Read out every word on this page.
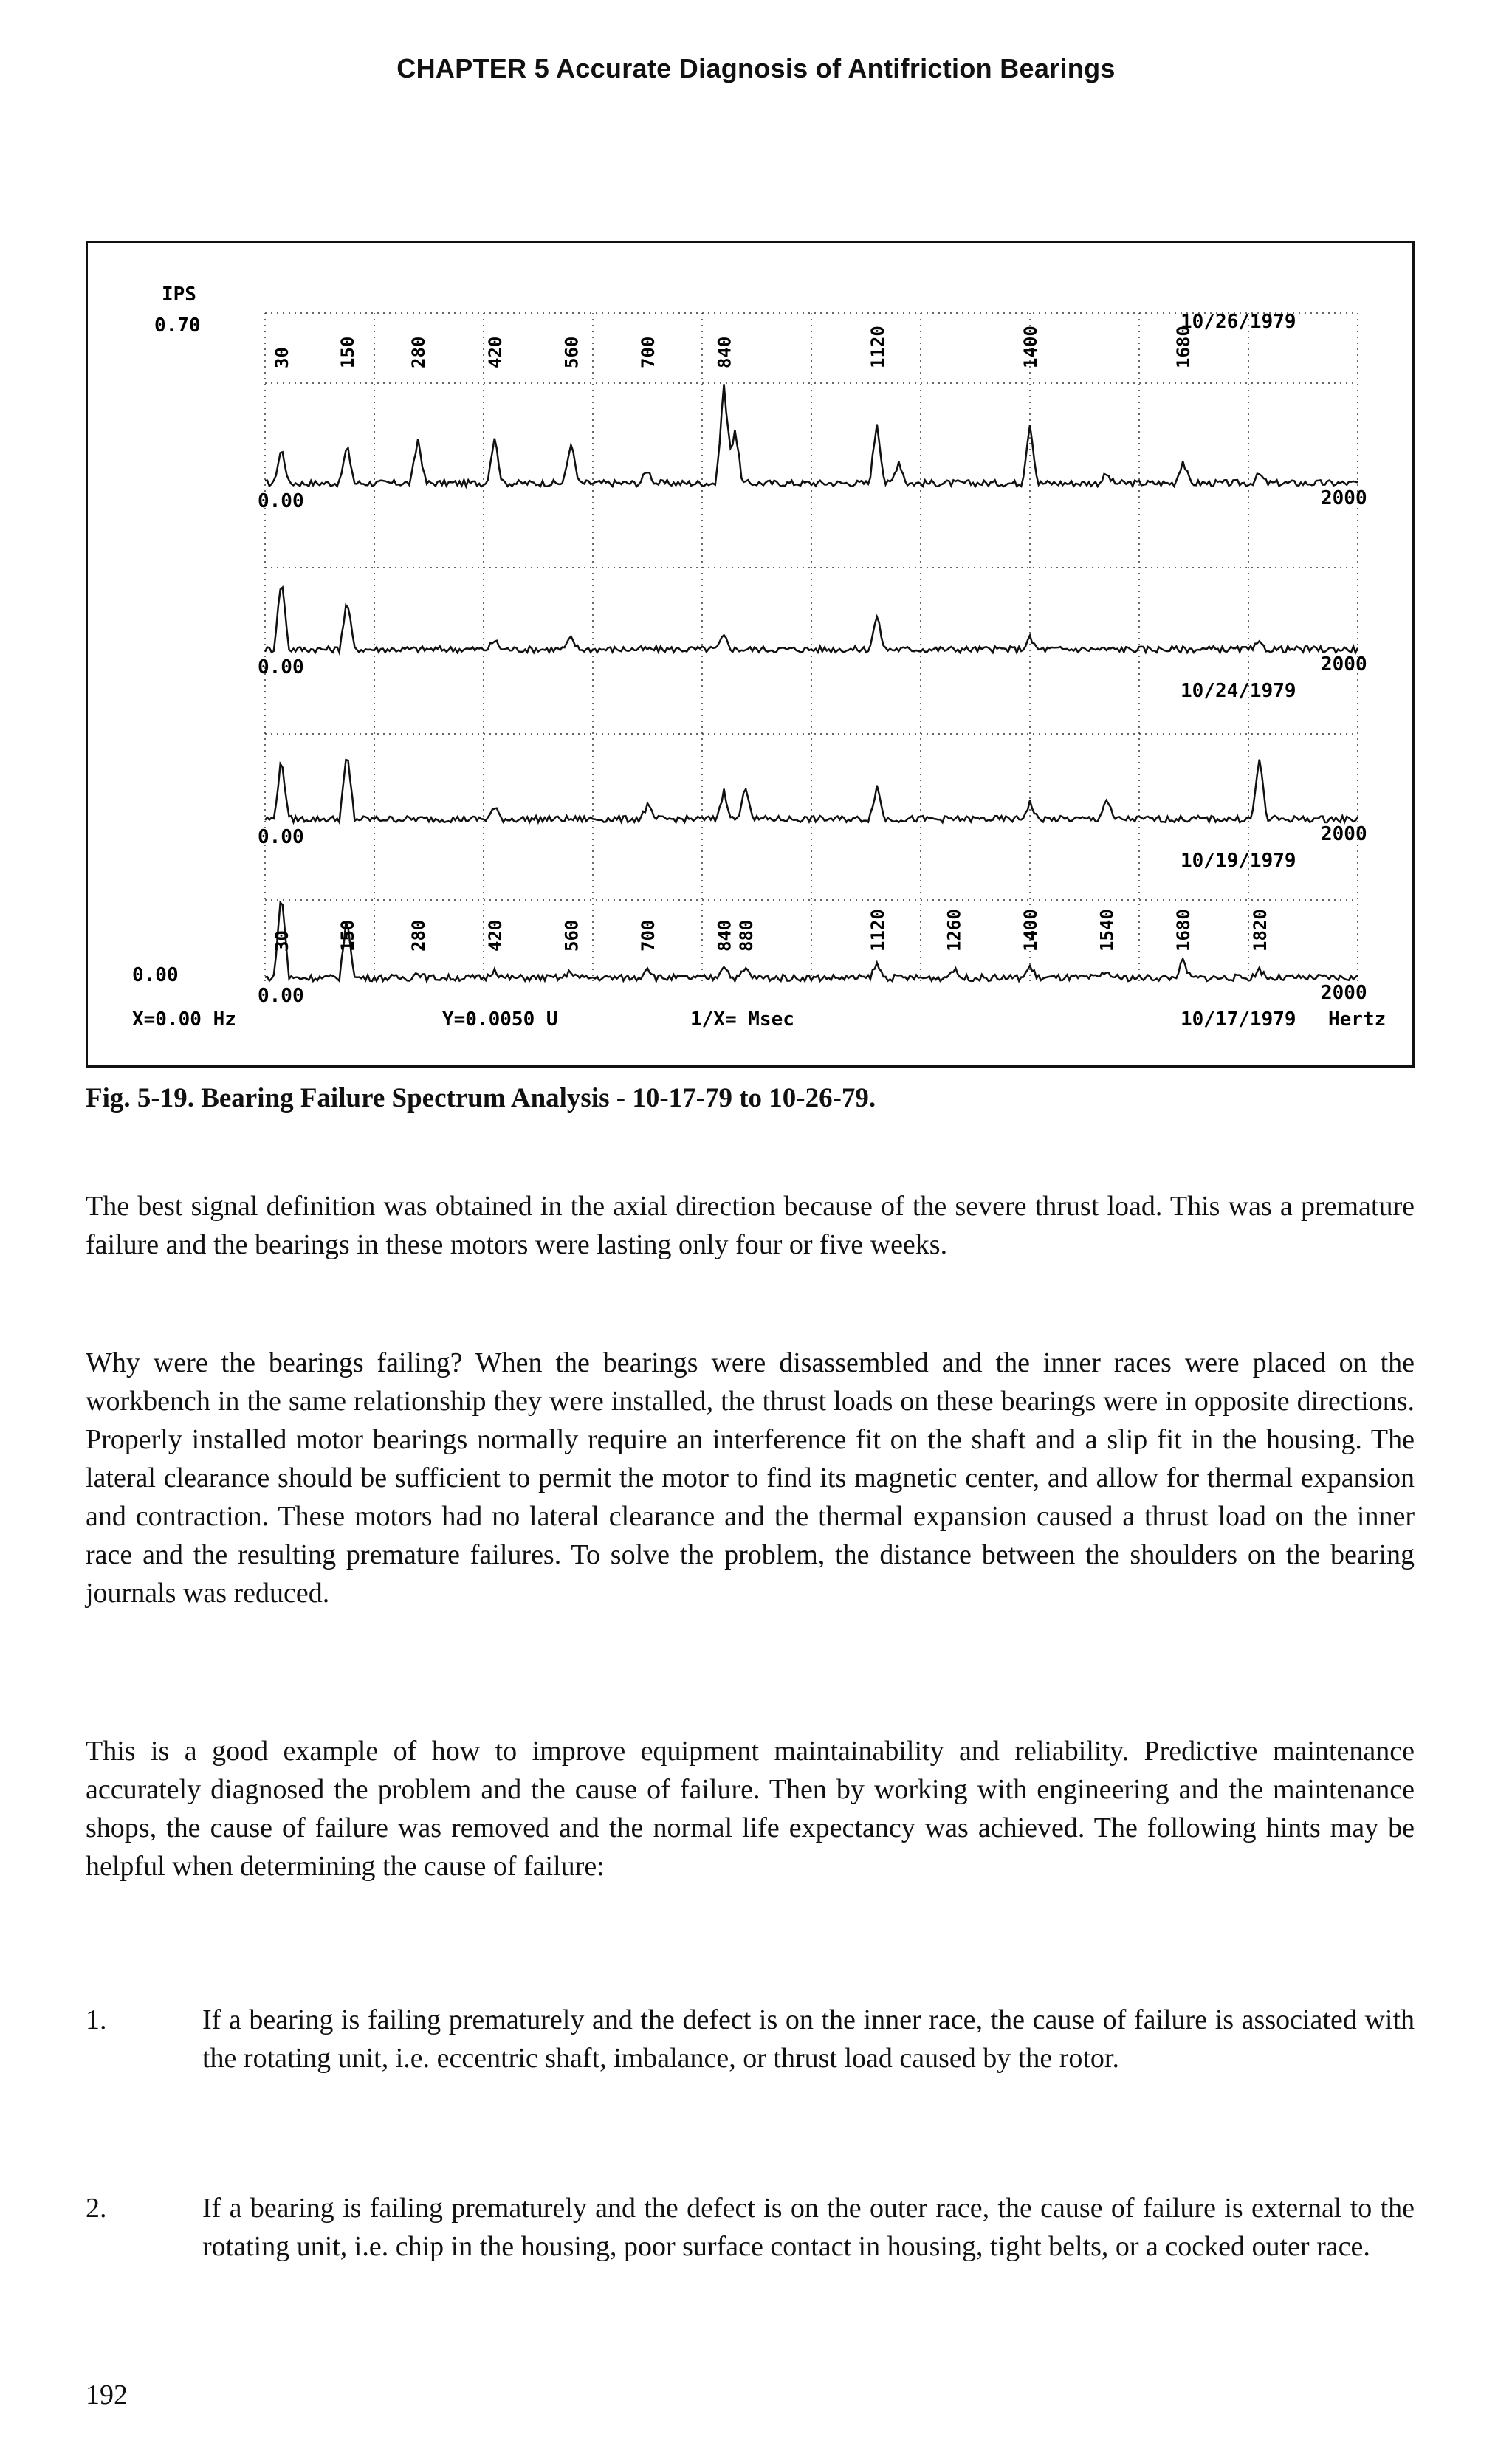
CHAPTER 5 Accurate Diagnosis of Antifriction Bearings
IPS
0.70
0.00
X=0.00 Hz	Y=0.0050 U	1/X= Msec	Hertz
0.00	2000
10/26/1979
30	150	280	420	560	700	840	1120	1400	1680
0.00	2000
10/24/1979
0.00	2000
10/19/1979
0.00	2000
10/17/1979
30	150	280	420	560	700	840 880	1120	1260	1400	1540	1680	1820
Fig. 5-19. Bearing Failure Spectrum Analysis - 10-17-79 to 10-26-79.
The best signal definition was obtained in the axial direction because of the severe thrust load. This was a premature failure and the bearings in these motors were lasting only four or five weeks.
Why were the bearings failing? When the bearings were disassembled and the inner races were placed on the workbench in the same relationship they were installed, the thrust loads on these bearings were in opposite directions. Properly installed motor bearings normally require an interference fit on the shaft and a slip fit in the housing. The lateral clearance should be sufficient to permit the motor to find its magnetic center, and allow for thermal expansion and contraction. These motors had no lateral clearance and the thermal expansion caused a thrust load on the inner race and the resulting premature failures. To solve the problem, the distance between the shoulders on the bearing journals was reduced.
This is a good example of how to improve equipment maintainability and reliability. Predictive maintenance accurately diagnosed the problem and the cause of failure. Then by working with engineering and the maintenance shops, the cause of failure was removed and the normal life expectancy was achieved. The following hints may be helpful when determining the cause of failure:
1.	If a bearing is failing prematurely and the defect is on the inner race, the cause of failure is associated with the rotating unit, i.e. eccentric shaft, imbalance, or thrust load caused by the rotor.
2.	If a bearing is failing prematurely and the defect is on the outer race, the cause of failure is external to the rotating unit, i.e. chip in the housing, poor surface contact in housing, tight belts, or a cocked outer race.
192
